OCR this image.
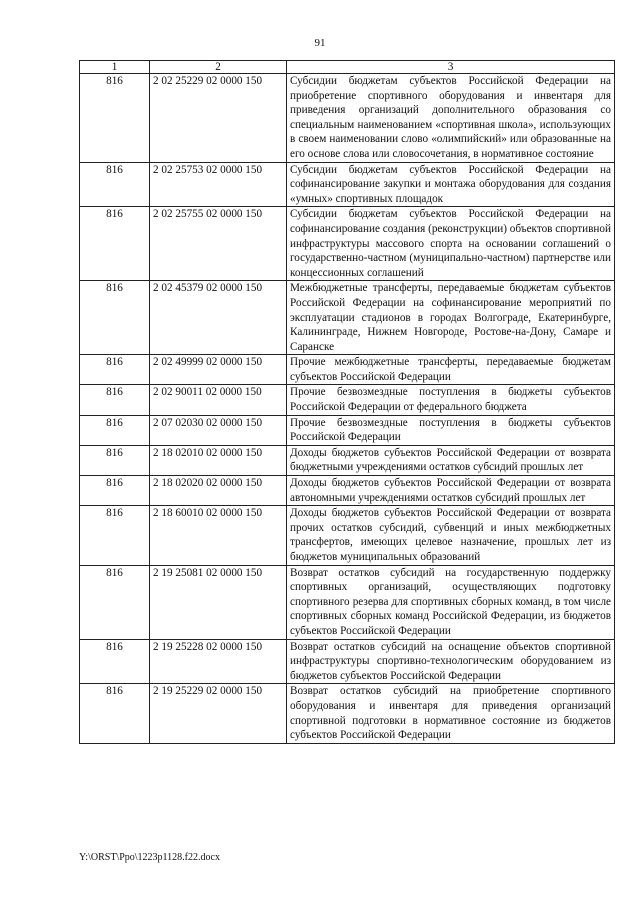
91
1	2	3
816	2 02 25229 02 0000 150	Субсидии бюджетам субъектов Российской Федерации на приобретение спортивного оборудования и инвентаря для приведения организаций дополнительного образования со специальным наименованием «спортивная школа», использующих в своем наименовании слово «олимпийский» или образованные на его основе слова или словосочетания, в нормативное состояние
816	2 02 25753 02 0000 150	Субсидии бюджетам субъектов Российской Федерации на софинансирование закупки и монтажа оборудования для создания «умных» спортивных площадок
816	2 02 25755 02 0000 150	Субсидии бюджетам субъектов Российской Федерации на софинансирование создания (реконструкции) объектов спортивной инфраструктуры массового спорта на основании соглашений о государственно-частном (муниципально-частном) партнерстве или концессионных соглашений
816	2 02 45379 02 0000 150	Межбюджетные трансферты, передаваемые бюджетам субъектов Российской Федерации на софинансирование мероприятий по эксплуатации стадионов в городах Волгограде, Екатеринбурге, Калининграде, Нижнем Новгороде, Ростове-на-Дону, Самаре и Саранске
816	2 02 49999 02 0000 150	Прочие межбюджетные трансферты, передаваемые бюджетам субъектов Российской Федерации
816	2 02 90011 02 0000 150	Прочие безвозмездные поступления в бюджеты субъектов Российской Федерации от федерального бюджета
816	2 07 02030 02 0000 150	Прочие безвозмездные поступления в бюджеты субъектов Российской Федерации
816	2 18 02010 02 0000 150	Доходы бюджетов субъектов Российской Федерации от возврата бюджетными учреждениями остатков субсидий прошлых лет
816	2 18 02020 02 0000 150	Доходы бюджетов субъектов Российской Федерации от возврата автономными учреждениями остатков субсидий прошлых лет
816	2 18 60010 02 0000 150	Доходы бюджетов субъектов Российской Федерации от возврата прочих остатков субсидий, субвенций и иных межбюджетных трансфертов, имеющих целевое назначение, прошлых лет из бюджетов муниципальных образований
816	2 19 25081 02 0000 150	Возврат остатков субсидий на государственную поддержку спортивных организаций, осуществляющих подготовку спортивного резерва для спортивных сборных команд, в том числе спортивных сборных команд Российской Федерации, из бюджетов субъектов Российской Федерации
816	2 19 25228 02 0000 150	Возврат остатков субсидий на оснащение объектов спортивной инфраструктуры спортивно-технологическим оборудованием из бюджетов субъектов Российской Федерации
816	2 19 25229 02 0000 150	Возврат остатков субсидий на приобретение спортивного оборудования и инвентаря для приведения организаций спортивной подготовки в нормативное состояние из бюджетов субъектов Российской Федерации
Y:\ORST\Ppo\1223p1128.f22.docx
